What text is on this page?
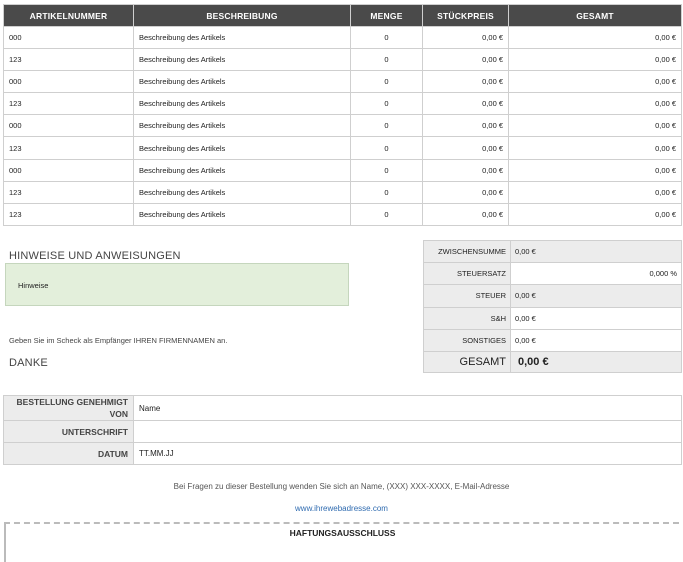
ARTIKELNUMMER	BESCHREIBUNG	MENGE	STÜCKPREIS	GESAMT
000	Beschreibung des Artikels	0	0,00 €	0,00 €
123	Beschreibung des Artikels	0	0,00 €	0,00 €
000	Beschreibung des Artikels	0	0,00 €	0,00 €
123	Beschreibung des Artikels	0	0,00 €	0,00 €
000	Beschreibung des Artikels	0	0,00 €	0,00 €
123	Beschreibung des Artikels	0	0,00 €	0,00 €
000	Beschreibung des Artikels	0	0,00 €	0,00 €
123	Beschreibung des Artikels	0	0,00 €	0,00 €
123	Beschreibung des Artikels	0	0,00 €	0,00 €
HINWEISE UND ANWEISUNGEN
Hinweise
Geben Sie im Scheck als Empfänger IHREN FIRMENNAMEN an.
DANKE
ZWISCHENSUMME	0,00 €
STEUERSATZ	0,000 %
STEUER	0,00 €
S&H	0,00 €
SONSTIGES	0,00 €
GESAMT	0,00 €
BESTELLUNG GENEHMIGT
VON	Name
UNTERSCHRIFT	
DATUM	TT.MM.JJ
Bei Fragen zu dieser Bestellung wenden Sie sich an Name, (XXX) XXX-XXXX, E-Mail-Adresse
www.ihrewebadresse.com
HAFTUNGSAUSSCHLUSS
